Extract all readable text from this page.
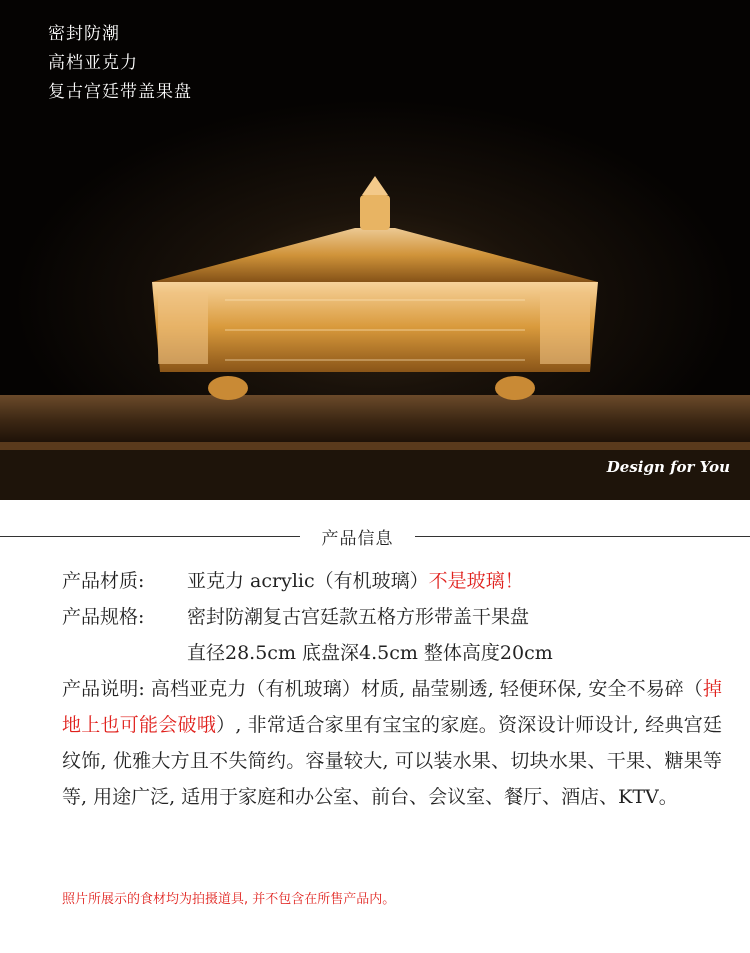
密封防潮
高档亚克力
复古宫廷带盖果盘
Design for You
产品信息
产品材质: 亚克力 acrylic（有机玻璃）不是玻璃！
产品规格: 密封防潮复古宫廷款五格方形带盖干果盘
直径28.5cm 底盘深4.5cm 整体高度20cm
产品说明: 高档亚克力（有机玻璃）材质, 晶莹剔透, 轻便环保, 安全不易碎（掉地上也可能会破哦）, 非常适合家里有宝宝的家庭。资深设计师设计, 经典宫廷纹饰, 优雅大方且不失简约。容量较大, 可以装水果、切块水果、干果、糖果等等, 用途广泛, 适用于家庭和办公室、前台、会议室、餐厅、酒店、KTV。
照片所展示的食材均为拍摄道具, 并不包含在所售产品内。
